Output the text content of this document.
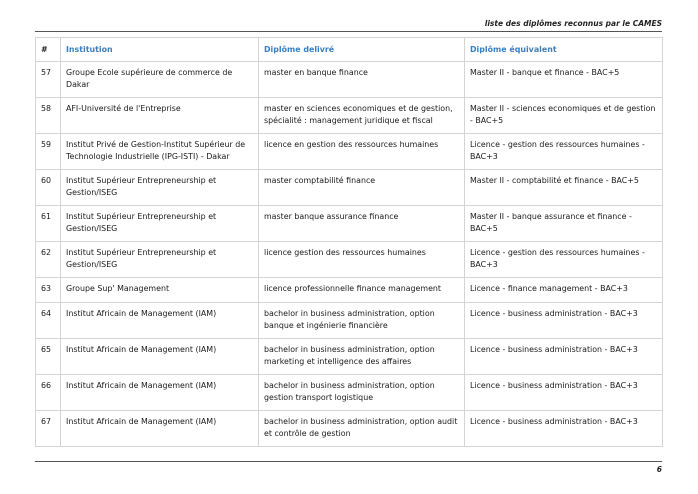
liste des diplômes reconnus par le CAMES
#	Institution	Diplôme delivré	Diplôme équivalent
57	Groupe Ecole supérieure de commerce de Dakar	master en banque finance	Master II - banque et finance - BAC+5
58	AFI-Université de l'Entreprise	master en sciences economiques et de gestion, spécialité : management juridique et fiscal	Master II - sciences economiques et de gestion - BAC+5
59	Institut Privé de Gestion-Institut Supérieur de Technologie Industrielle (IPG-ISTI) - Dakar	licence en gestion des ressources humaines	Licence - gestion des ressources humaines - BAC+3
60	Institut Supérieur Entrepreneurship et Gestion/ISEG	master comptabilité finance	Master II - comptabilité et finance - BAC+5
61	Institut Supérieur Entrepreneurship et Gestion/ISEG	master banque assurance finance	Master II - banque assurance et finance - BAC+5
62	Institut Supérieur Entrepreneurship et Gestion/ISEG	licence gestion des ressources humaines	Licence - gestion des ressources humaines - BAC+3
63	Groupe Sup' Management	licence professionnelle finance management	Licence - finance management - BAC+3
64	Institut Africain de Management (IAM)	bachelor in business administration, option banque et ingénierie financière	Licence - business administration - BAC+3
65	Institut Africain de Management (IAM)	bachelor in business administration, option marketing et intelligence des affaires	Licence - business administration - BAC+3
66	Institut Africain de Management (IAM)	bachelor in business administration, option gestion transport logistique	Licence - business administration - BAC+3
67	Institut Africain de Management (IAM)	bachelor in business administration, option audit et contrôle de gestion	Licence - business administration - BAC+3
6
